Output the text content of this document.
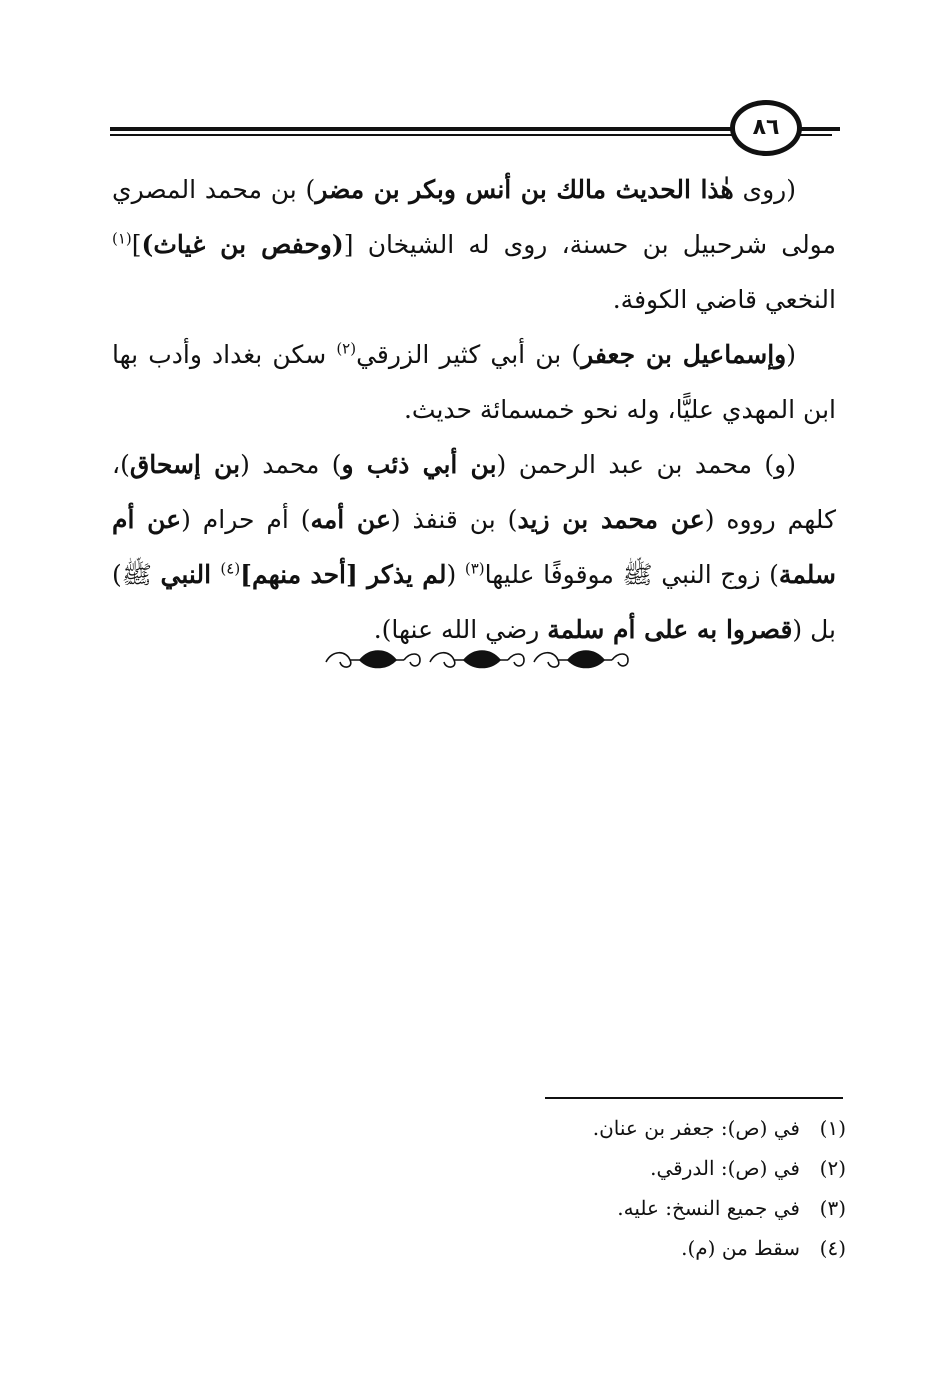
٨٦

(روى هٰذا الحديث مالك بن أنس وبكر بن مضر) بن محمد المصري مولى شرحبيل بن حسنة، روى له الشيخان [(وحفص بن غياث)]$^{(١)}$ النخعي قاضي الكوفة.

(وإسماعيل بن جعفر) بن أبي كثير الزرقي$^{(٢)}$ سكن بغداد وأدب بها ابن المهدي عليًّا، وله نحو خمسمائة حديث.

(و) محمد بن عبد الرحمن (بن أبي ذئب و) محمد (بن إسحاق)، كلهم رووه (عن محمد بن زيد) بن قنفذ (عن أمه) أم حرام (عن أم سلمة) زوج النبي ﷺ موقوفًا عليها$^{(٣)}$ (لم يذكر [أحد منهم]$^{(٤)}$ النبي ﷺ) بل (قصروا به على أم سلمة رضي الله عنها).

(١)
في (ص): جعفر بن عنان.
(٢)
في (ص): الدرقي.
(٣)
في جميع النسخ: عليه.
(٤)
سقط من (م).
